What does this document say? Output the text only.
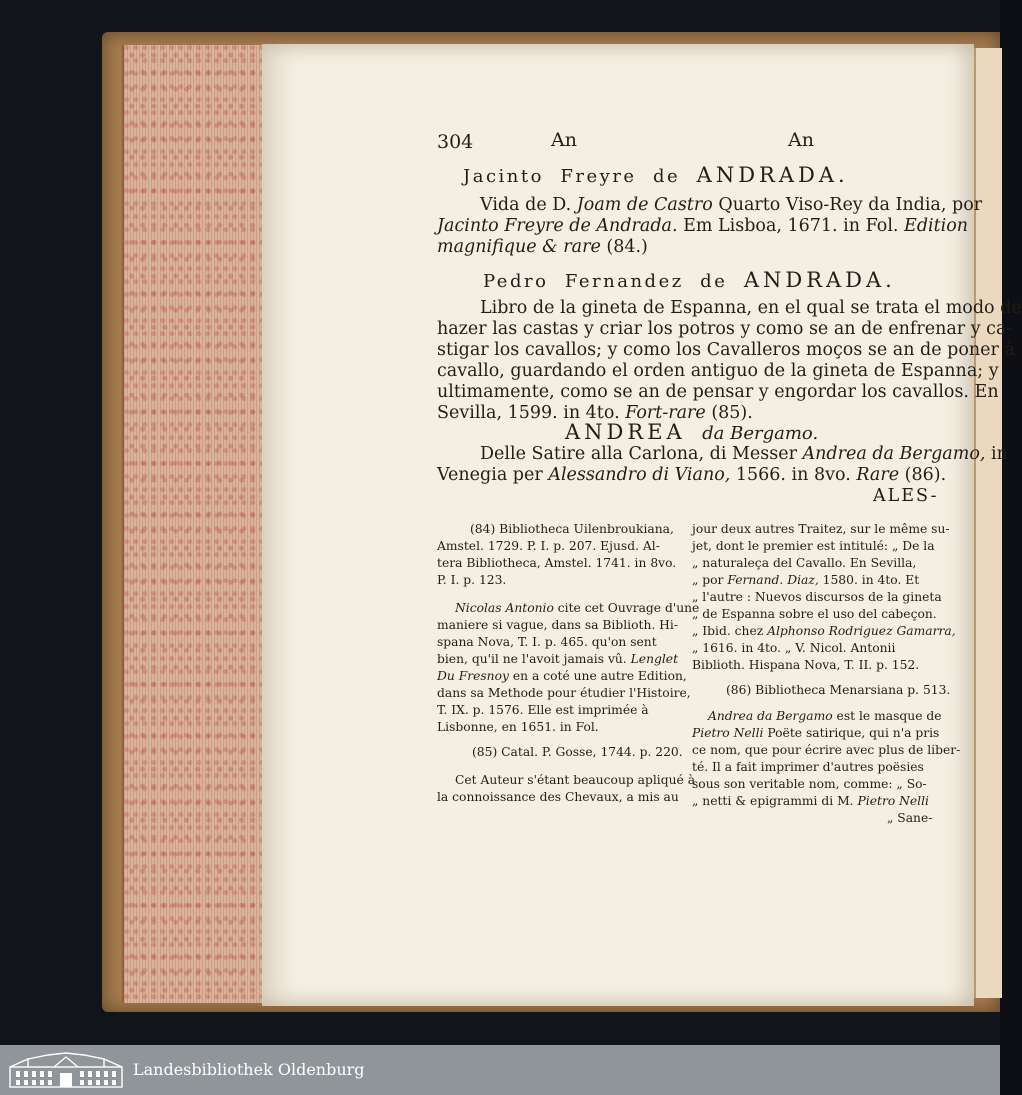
304	An	An
Jacinto Freyre de ANDRADA.
Vida de D. Joam de Castro Quarto Viso-Rey da India, por
Jacinto Freyre de Andrada. Em Lisboa, 1671. in Fol. Edition
magnifique & rare (84.)
Pedro Fernandez de ANDRADA.
Libro de la gineta de Espanna, en el qual se trata el modo de
hazer las castas y criar los potros y como se an de enfrenar y ca-
stigar los cavallos; y como los Cavalleros moços se an de poner à
cavallo, guardando el orden antiguo de la gineta de Espanna; y
ultimamente, como se an de pensar y engordar los cavallos. En
Sevilla, 1599. in 4to. Fort-rare (85).
ANDREA da Bergamo.
Delle Satire alla Carlona, di Messer Andrea da Bergamo, in
Venegia per Alessandro di Viano, 1566. in 8vo. Rare (86).
ALES-
(84) Bibliotheca Uilenbroukiana,
Amstel. 1729. P. I. p. 207. Ejusd. Al-
tera Bibliotheca, Amstel. 1741. in 8vo.
P. I. p. 123.
Nicolas Antonio cite cet Ouvrage d'une
maniere si vague, dans sa Biblioth. Hi-
spana Nova, T. I. p. 465. qu'on sent
bien, qu'il ne l'avoit jamais vû. Lenglet
Du Fresnoy en a coté une autre Edition,
dans sa Methode pour étudier l'Histoire,
T. IX. p. 1576. Elle est imprimée à
Lisbonne, en 1651. in Fol.
(85) Catal. P. Gosse, 1744. p. 220.
Cet Auteur s'étant beaucoup apliqué à
la connoissance des Chevaux, a mis au
jour deux autres Traitez, sur le même su-
jet, dont le premier est intitulé: „ De la
„ naturaleça del Cavallo. En Sevilla,
„ por Fernand. Diaz, 1580. in 4to. Et
„ l'autre : Nuevos discursos de la gineta
„ de Espanna sobre el uso del cabeçon.
„ Ibid. chez Alphonso Rodriguez Gamarra,
„ 1616. in 4to. „ V. Nicol. Antonii
Biblioth. Hispana Nova, T. II. p. 152.
(86) Bibliotheca Menarsiana p. 513.
Andrea da Bergamo est le masque de
Pietro Nelli Poëte satirique, qui n'a pris
ce nom, que pour écrire avec plus de liber-
té. Il a fait imprimer d'autres poësies
sous son veritable nom, comme: „ So-
„ netti & epigrammi di M. Pietro Nelli
„ Sane-
Landesbibliothek Oldenburg
